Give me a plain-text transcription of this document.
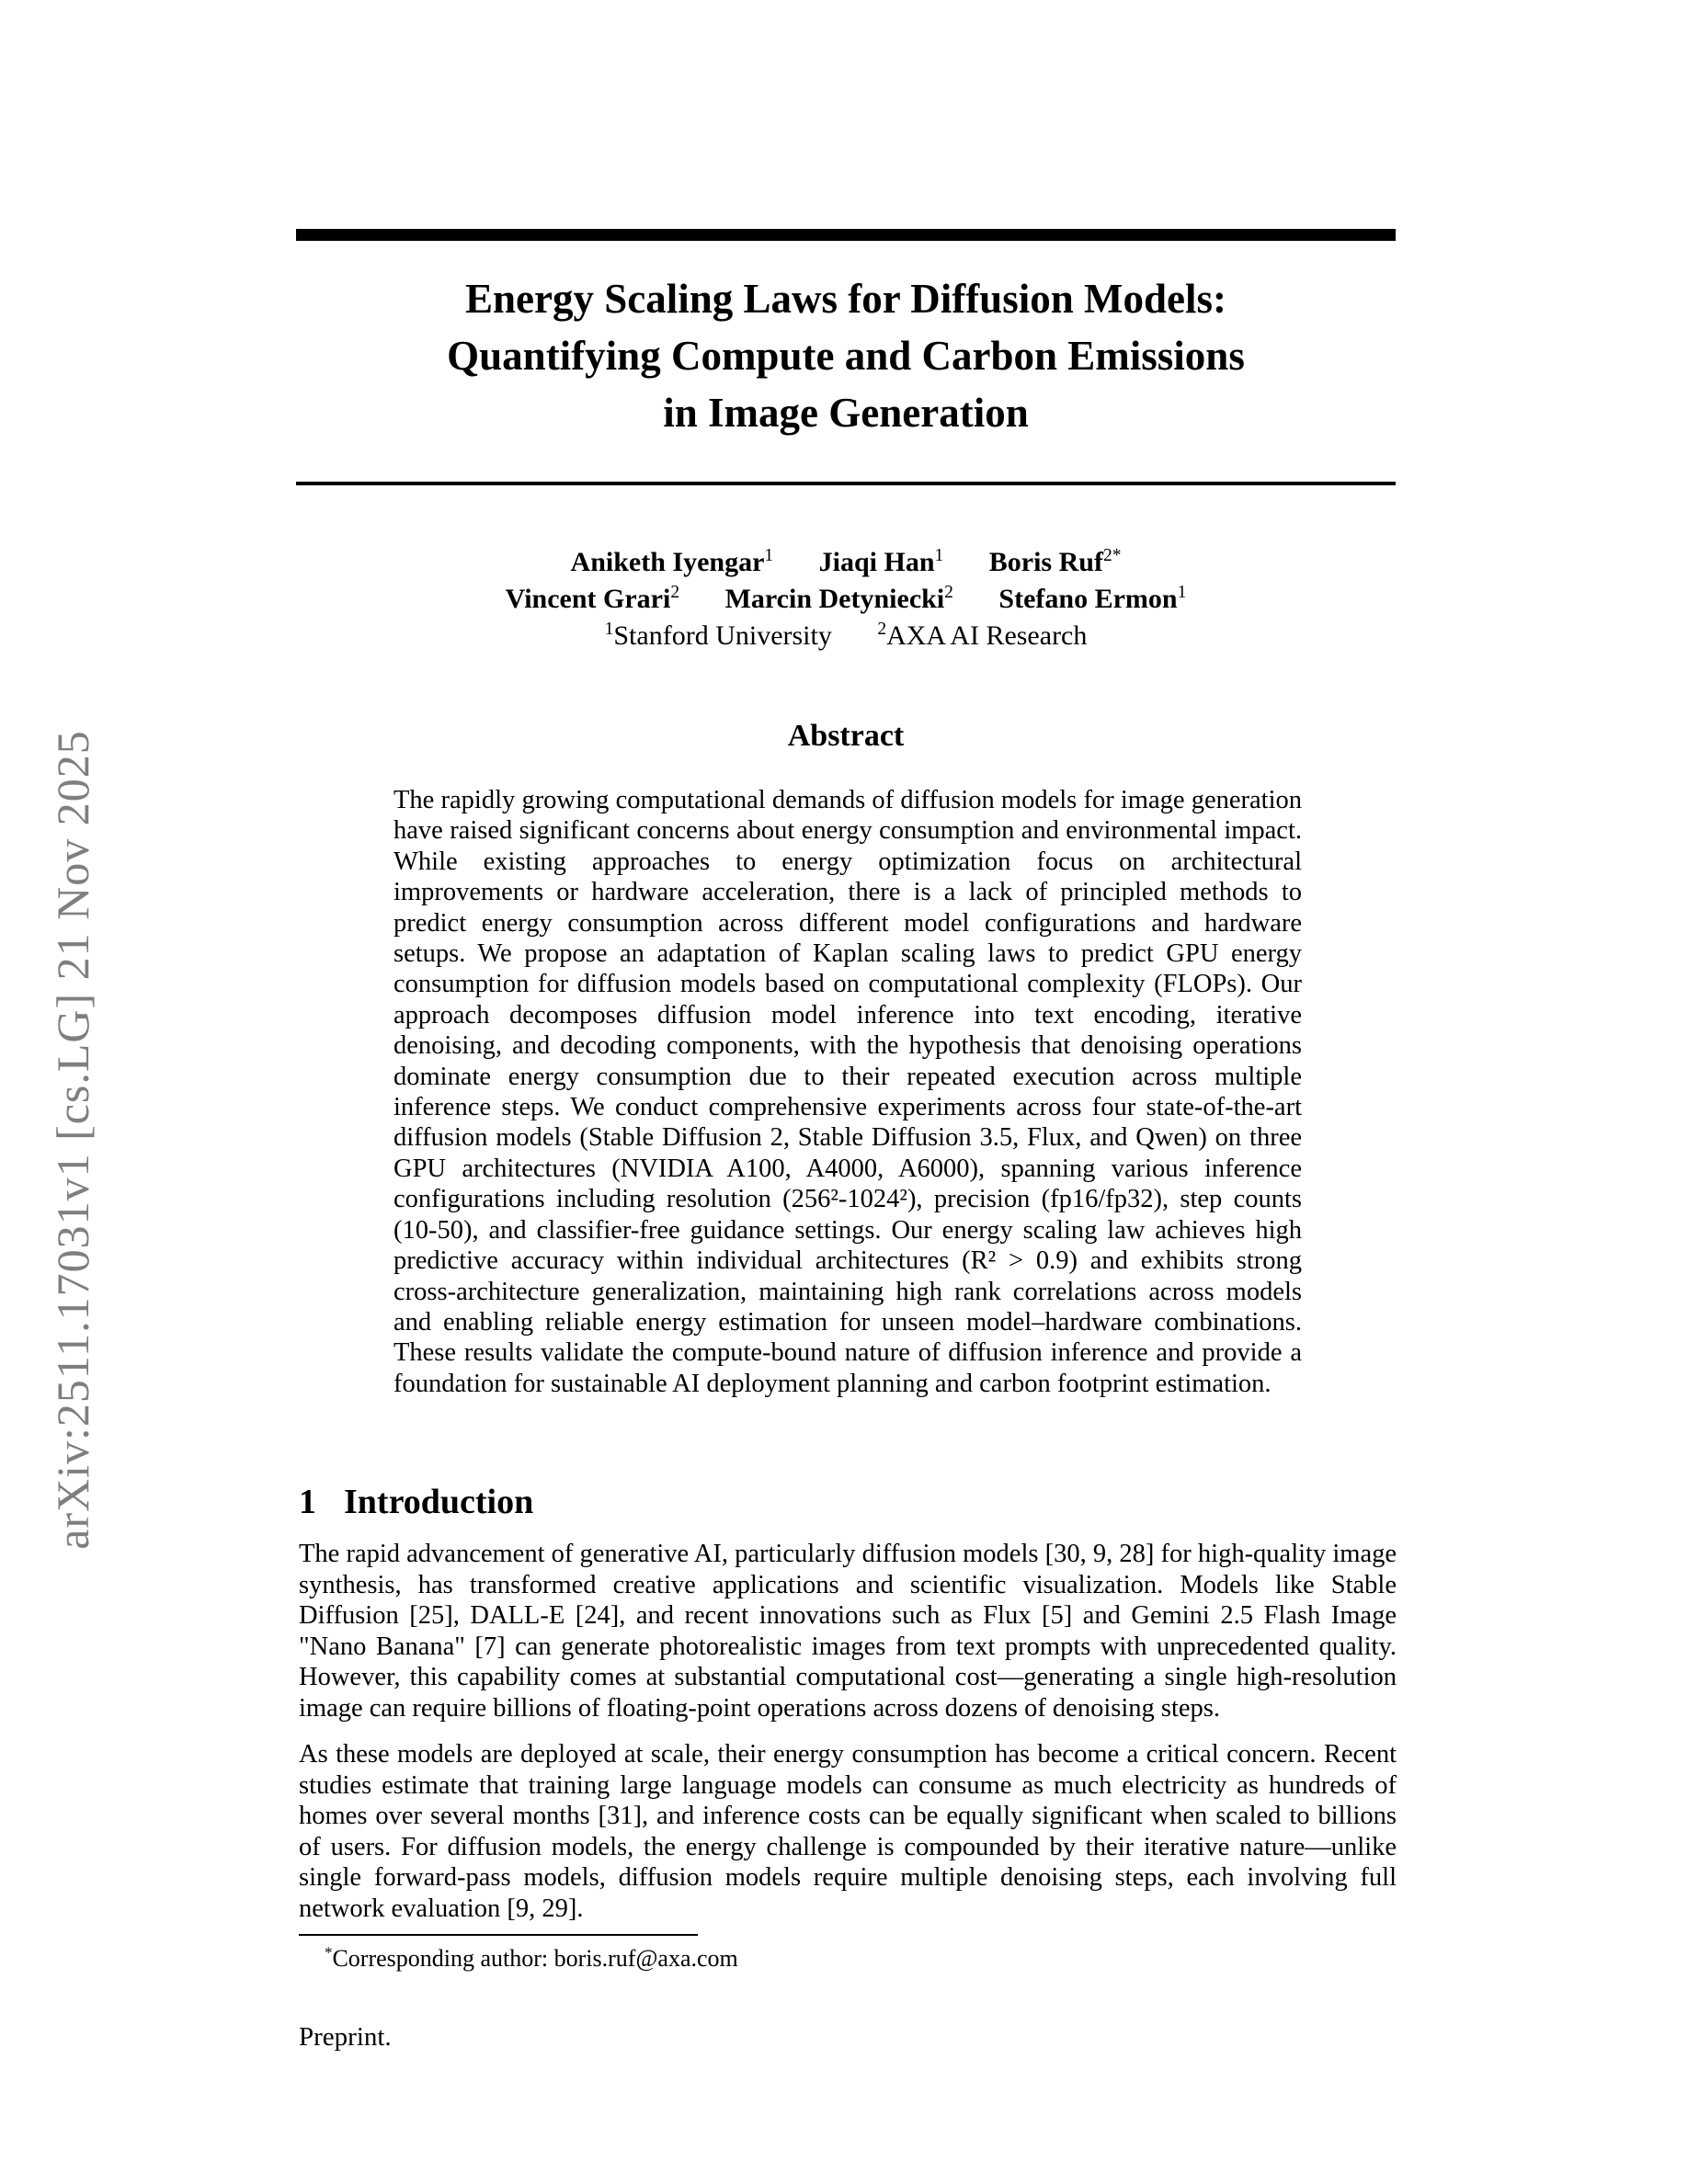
arXiv:2511.17031v1 [cs.LG] 21 Nov 2025
Energy Scaling Laws for Diffusion Models:
Quantifying Compute and Carbon Emissions
in Image Generation
Aniketh Iyengar$^1$ Jiaqi Han$^1$ Boris Ruf$^{2*}$
Vincent Grari$^2$ Marcin Detyniecki$^2$ Stefano Ermon$^1$
$^1$Stanford University	$^2$AXA AI Research
Abstract
The rapidly growing computational demands of diffusion models for image generation have raised significant concerns about energy consumption and environmental impact. While existing approaches to energy optimization focus on architectural improvements or hardware acceleration, there is a lack of principled methods to predict energy consumption across different model configurations and hardware setups. We propose an adaptation of Kaplan scaling laws to predict GPU energy consumption for diffusion models based on computational complexity (FLOPs). Our approach decomposes diffusion model inference into text encoding, iterative denoising, and decoding components, with the hypothesis that denoising operations dominate energy consumption due to their repeated execution across multiple inference steps. We conduct comprehensive experiments across four state-of-the-art diffusion models (Stable Diffusion 2, Stable Diffusion 3.5, Flux, and Qwen) on three GPU architectures (NVIDIA A100, A4000, A6000), spanning various inference configurations including resolution (256²-1024²), precision (fp16/fp32), step counts (10-50), and classifier-free guidance settings. Our energy scaling law achieves high predictive accuracy within individual architectures (R² > 0.9) and exhibits strong cross-architecture generalization, maintaining high rank correlations across models and enabling reliable energy estimation for unseen model–hardware combinations. These results validate the compute-bound nature of diffusion inference and provide a foundation for sustainable AI deployment planning and carbon footprint estimation.
1 Introduction
The rapid advancement of generative AI, particularly diffusion models [30, 9, 28] for high-quality image synthesis, has transformed creative applications and scientific visualization. Models like Stable Diffusion [25], DALL-E [24], and recent innovations such as Flux [5] and Gemini 2.5 Flash Image "Nano Banana" [7] can generate photorealistic images from text prompts with unprecedented quality. However, this capability comes at substantial computational cost—generating a single high-resolution image can require billions of floating-point operations across dozens of denoising steps.
As these models are deployed at scale, their energy consumption has become a critical concern. Recent studies estimate that training large language models can consume as much electricity as hundreds of homes over several months [31], and inference costs can be equally significant when scaled to billions of users. For diffusion models, the energy challenge is compounded by their iterative nature—unlike single forward-pass models, diffusion models require multiple denoising steps, each involving full network evaluation [9, 29].
*Corresponding author: boris.ruf@axa.com
Preprint.
